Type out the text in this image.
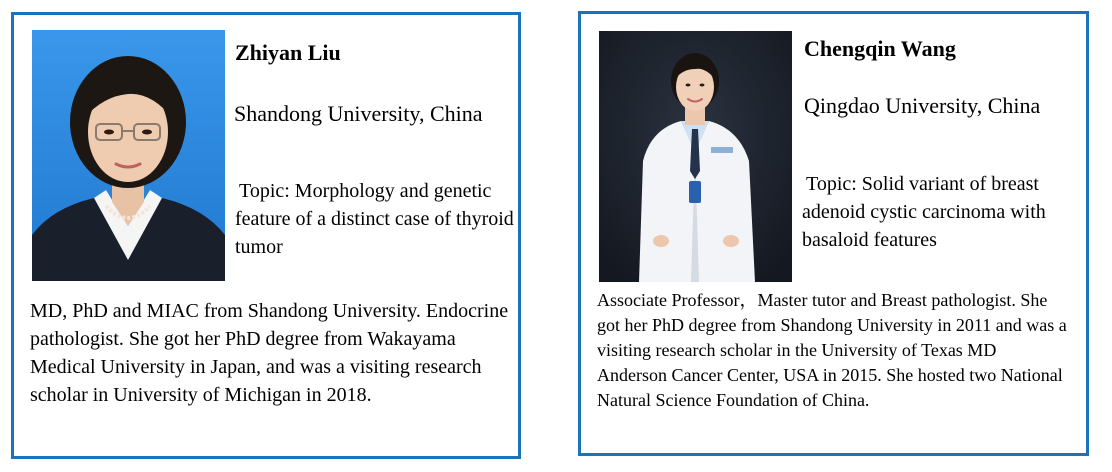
Zhiyan Liu
Shandong University, China
Topic: Morphology and genetic feature of a distinct case of thyroid tumor
MD, PhD and MIAC from Shandong University. Endocrine pathologist. She got her PhD degree from Wakayama Medical University in Japan, and was a visiting research scholar in University of Michigan in 2018.
Chengqin Wang
Qingdao University, China
Topic: Solid variant of breast adenoid cystic carcinoma with basaloid features
Associate Professor，Master tutor and Breast pathologist. She got her PhD degree from Shandong University in 2011 and was a visiting research scholar in the University of Texas MD Anderson Cancer Center, USA in 2015. She hosted two National Natural Science Foundation of China.
